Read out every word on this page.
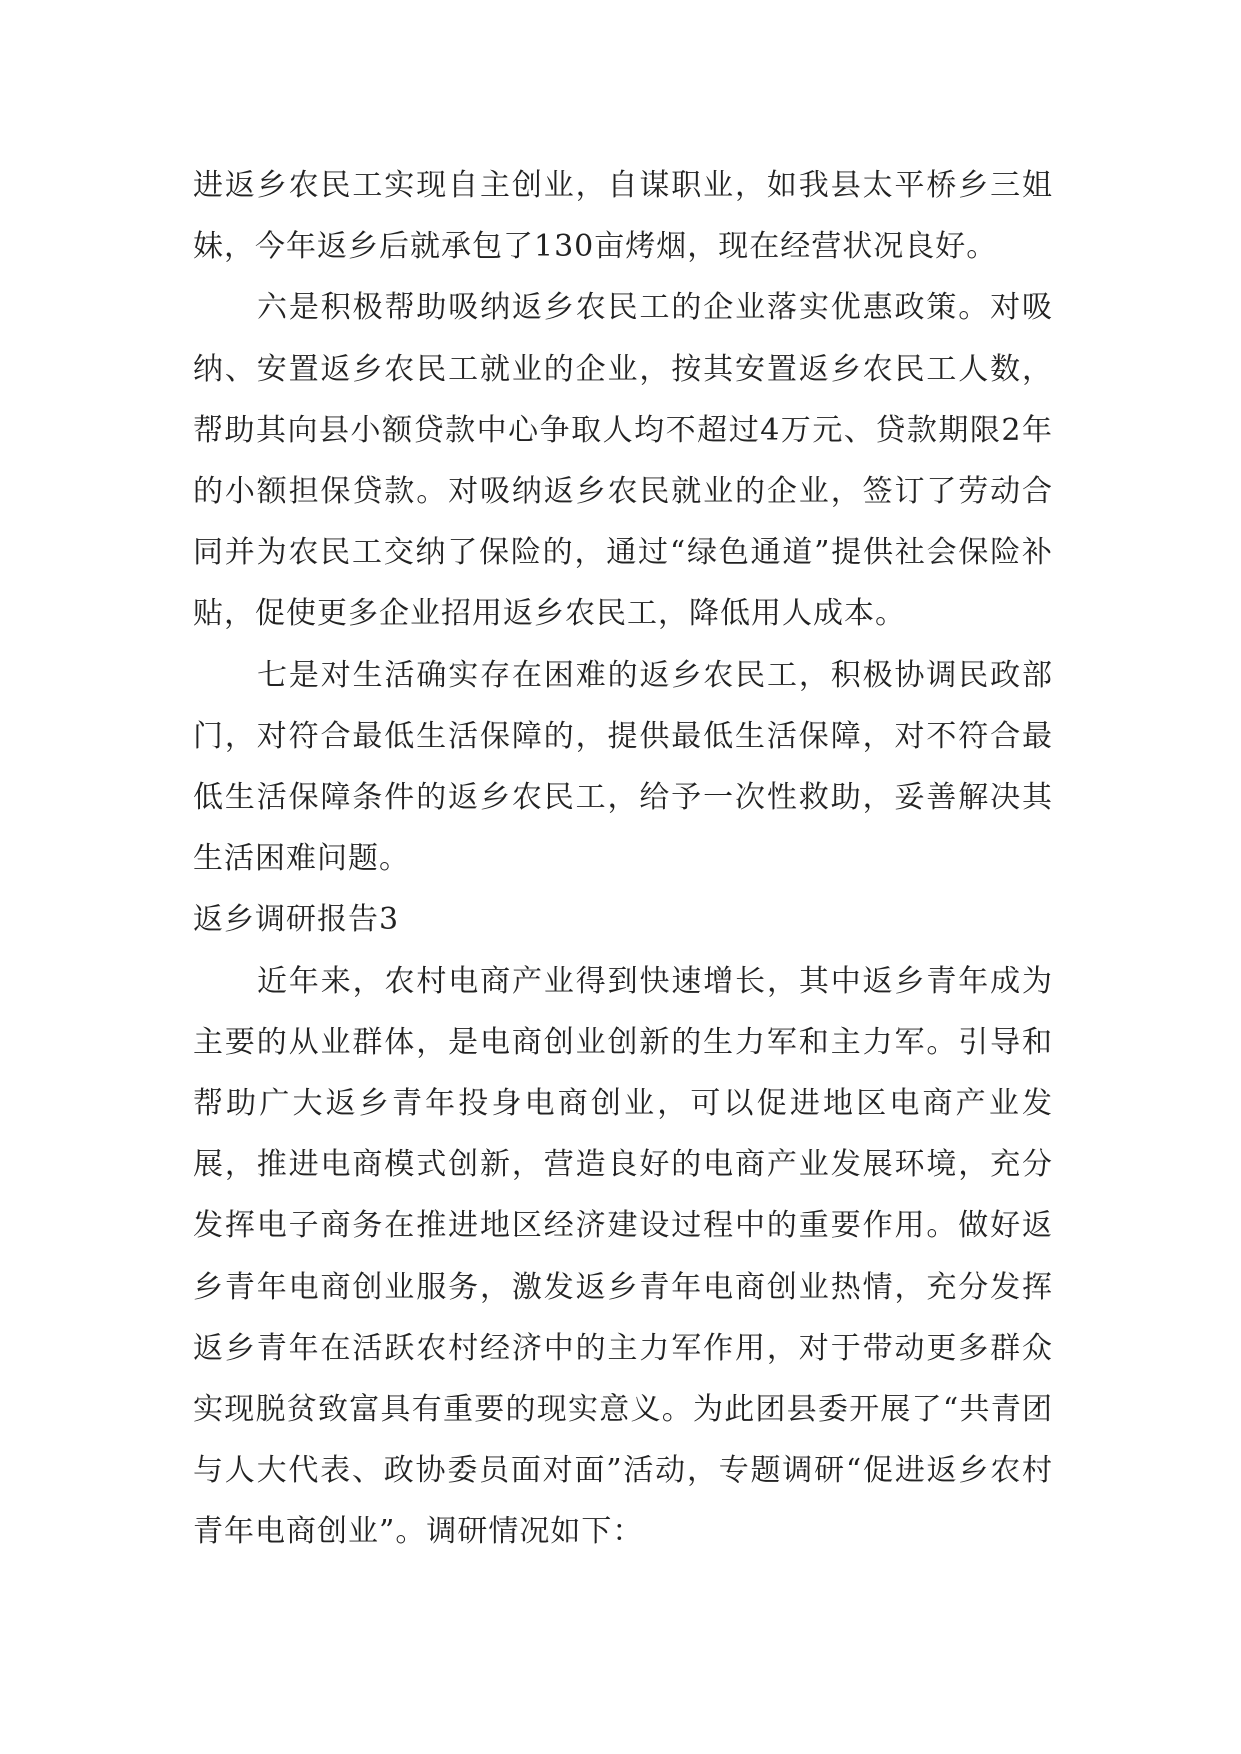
进返乡农民工实现自主创业，自谋职业，如我县太平桥乡三姐妹，今年返乡后就承包了130亩烤烟，现在经营状况良好。

六是积极帮助吸纳返乡农民工的企业落实优惠政策。对吸纳、安置返乡农民工就业的企业，按其安置返乡农民工人数，帮助其向县小额贷款中心争取人均不超过4万元、贷款期限2年的小额担保贷款。对吸纳返乡农民就业的企业，签订了劳动合同并为农民工交纳了保险的，通过“绿色通道”提供社会保险补贴，促使更多企业招用返乡农民工，降低用人成本。

七是对生活确实存在困难的返乡农民工，积极协调民政部门，对符合最低生活保障的，提供最低生活保障，对不符合最低生活保障条件的返乡农民工，给予一次性救助，妥善解决其生活困难问题。

返乡调研报告3

近年来，农村电商产业得到快速增长，其中返乡青年成为主要的从业群体，是电商创业创新的生力军和主力军。引导和帮助广大返乡青年投身电商创业，可以促进地区电商产业发展，推进电商模式创新，营造良好的电商产业发展环境，充分发挥电子商务在推进地区经济建设过程中的重要作用。做好返乡青年电商创业服务，激发返乡青年电商创业热情，充分发挥返乡青年在活跃农村经济中的主力军作用，对于带动更多群众实现脱贫致富具有重要的现实意义。为此团县委开展了“共青团与人大代表、政协委员面对面”活动，专题调研“促进返乡农村青年电商创业”。调研情况如下：
